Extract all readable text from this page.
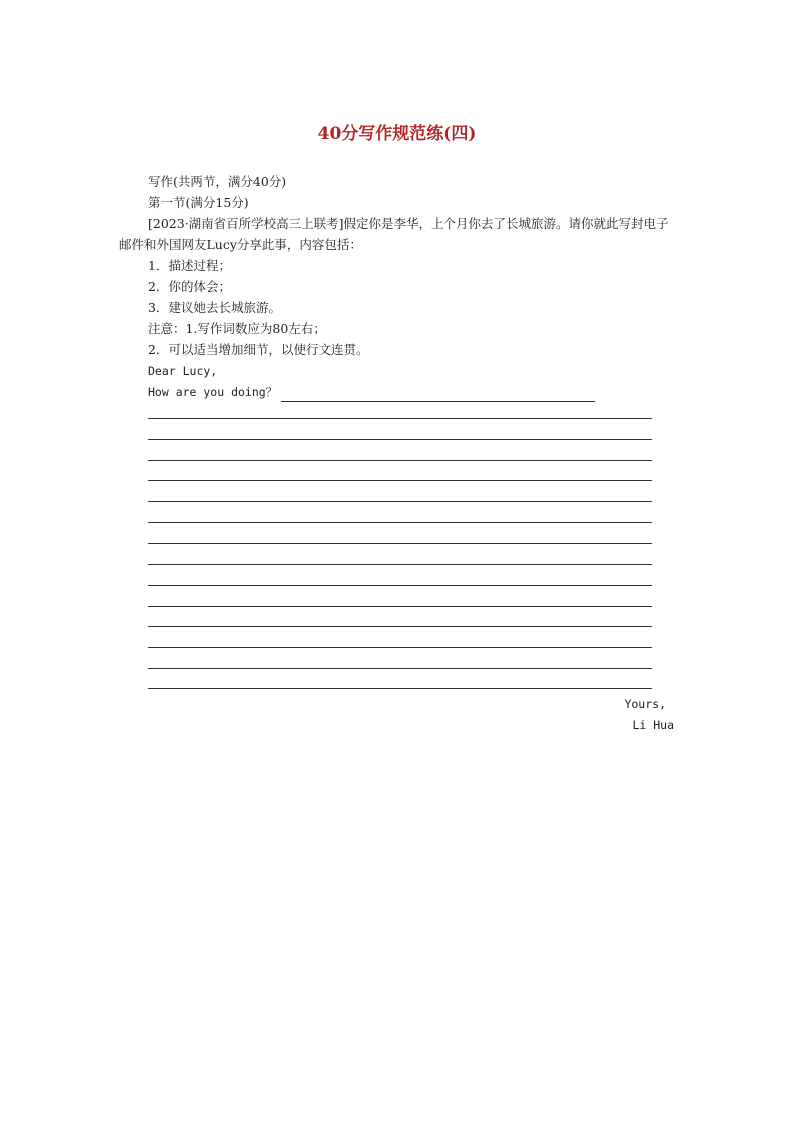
40分写作规范练(四)
写作(共两节，满分40分)
第一节(满分15分)
[2023·湖南省百所学校高三上联考]假定你是李华，上个月你去了长城旅游。请你就此写封电子邮件和外国网友Lucy分享此事，内容包括：
1．描述过程；
2．你的体会；
3．建议她去长城旅游。
注意：1.写作词数应为80左右；
2．可以适当增加细节，以使行文连贯。
Dear Lucy,
How are you doing？
Yours,
Li Hua
